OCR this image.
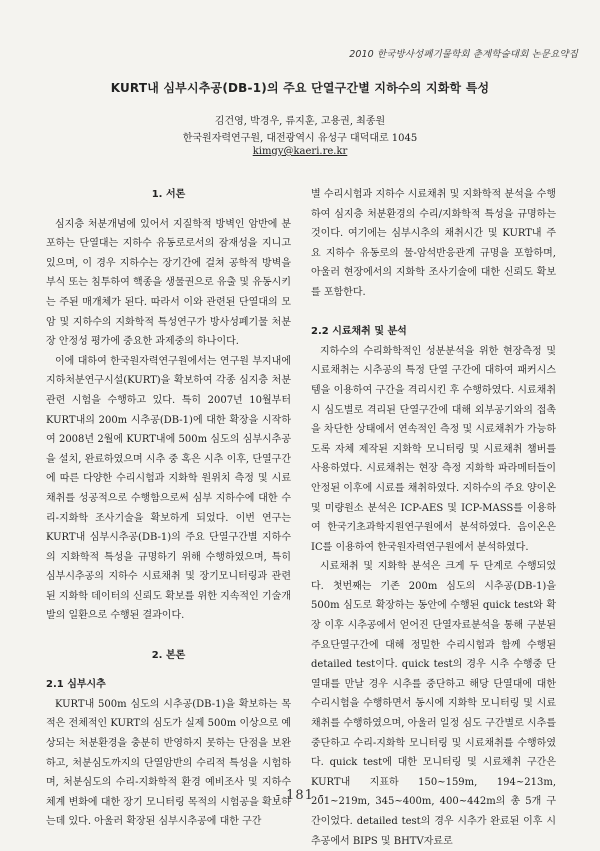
2010 한국방사성폐기물학회 춘계학술대회 논문요약집
KURT내 심부시추공(DB-1)의 주요 단열구간별 지하수의 지화학 특성
김건영, 박경우, 류지훈, 고용권, 최종원
한국원자력연구원, 대전광역시 유성구 대덕대로 1045
kimgy@kaeri.re.kr
1. 서론

심지층 처분개념에 있어서 지질학적 방벽인 암반에 분포하는 단열대는 지하수 유동로로서의 잠재성을 지니고 있으며, 이 경우 지하수는 장기간에 걸쳐 공학적 방벽을 부식 또는 침투하여 핵종을 생물권으로 유출 및 유동시키는 주된 매개체가 된다. 따라서 이와 관련된 단열대의 모암 및 지하수의 지화학적 특성연구가 방사성폐기물 처분장 안정성 평가에 중요한 과제중의 하나이다.

이에 대하여 한국원자력연구원에서는 연구원 부지내에 지하처분연구시설(KURT)을 확보하여 각종 심지층 처분 관련 시험을 수행하고 있다. 특히 2007년 10월부터 KURT내의 200m 시추공(DB-1)에 대한 확장을 시작하여 2008년 2월에 KURT내에 500m 심도의 심부시추공을 설치, 완료하였으며 시추 중 혹은 시추 이후, 단열구간에 따른 다양한 수리시험과 지화학 원위치 측정 및 시료채취를 성공적으로 수행함으로써 심부 지하수에 대한 수리-지화학 조사기술을 확보하게 되었다. 이번 연구는 KURT내 심부시추공(DB-1)의 주요 단열구간별 지하수의 지화학적 특성을 규명하기 위해 수행하였으며, 특히 심부시추공의 지하수 시료채취 및 장기모니터링과 관련된 지화학 데이터의 신뢰도 확보를 위한 지속적인 기술개발의 일환으로 수행된 결과이다.

2. 본론
2.1 심부시추

KURT내 500m 심도의 시추공(DB-1)을 확보하는 목적은 전체적인 KURT의 심도가 실제 500m 이상으로 예상되는 처분환경을 충분히 반영하지 못하는 단점을 보완하고, 처분심도까지의 단열암반의 수리적 특성을 시험하며, 처분심도의 수리-지화학적 환경 예비조사 및 지하수체계 변화에 대한 장기 모니터링 목적의 시험공을 확보하는데 있다. 아울러 확장된 심부시추공에 대한 구간

별 수리시험과 지하수 시료채취 및 지화학적 분석을 수행하여 심지층 처분환경의 수리/지화학적 특성을 규명하는 것이다. 여기에는 심부시추의 채취시간 및 KURT내 주요 지하수 유동로의 물-암석반응관계 규명을 포함하며, 아울러 현장에서의 지화학 조사기술에 대한 신뢰도 확보를 포함한다.

2.2 시료채취 및 분석

지하수의 수리화학적인 성분분석을 위한 현장측정 및 시료채취는 시추공의 특정 단열 구간에 대하여 패커시스템을 이용하여 구간을 격리시킨 후 수행하였다. 시료채취시 심도별로 격리된 단열구간에 대해 외부공기와의 접촉을 차단한 상태에서 연속적인 측정 및 시료채취가 가능하도록 자체 제작된 지화학 모니터링 및 시료채취 챔버를 사용하였다. 시료채취는 현장 측정 지화학 파라메터들이 안정된 이후에 시료를 채취하였다. 지하수의 주요 양이온 및 미량원소 분석은 ICP-AES 및 ICP-MASS를 이용하여 한국기초과학지원연구원에서 분석하였다. 음이온은 IC를 이용하여 한국원자력연구원에서 분석하였다.

시료채취 및 지화학 분석은 크게 두 단계로 수행되었다. 첫번째는 기존 200m 심도의 시추공(DB-1)을 500m 심도로 확장하는 동안에 수행된 quick test와 확장 이후 시추공에서 얻어진 단열자료분석을 통해 구분된 주요단열구간에 대해 정밀한 수리시험과 함께 수행된 detailed test이다. quick test의 경우 시추 수행중 단열대를 만날 경우 시추를 중단하고 해당 단열대에 대한 수리시험을 수행하면서 동시에 지화학 모니터링 및 시료채취를 수행하였으며, 아울러 일정 심도 구간별로 시추를 중단하고 수리-지화학 모니터링 및 시료채취를 수행하였다. quick test에 대한 모니터링 및 시료채취 구간은 KURT내 지표하 150~159m, 194~213m, 201~219m, 345~400m, 400~442m의 총 5개 구간이었다. detailed test의 경우 시추가 완료된 이후 시추공에서 BIPS 및 BHTV자료로

- 181 -
